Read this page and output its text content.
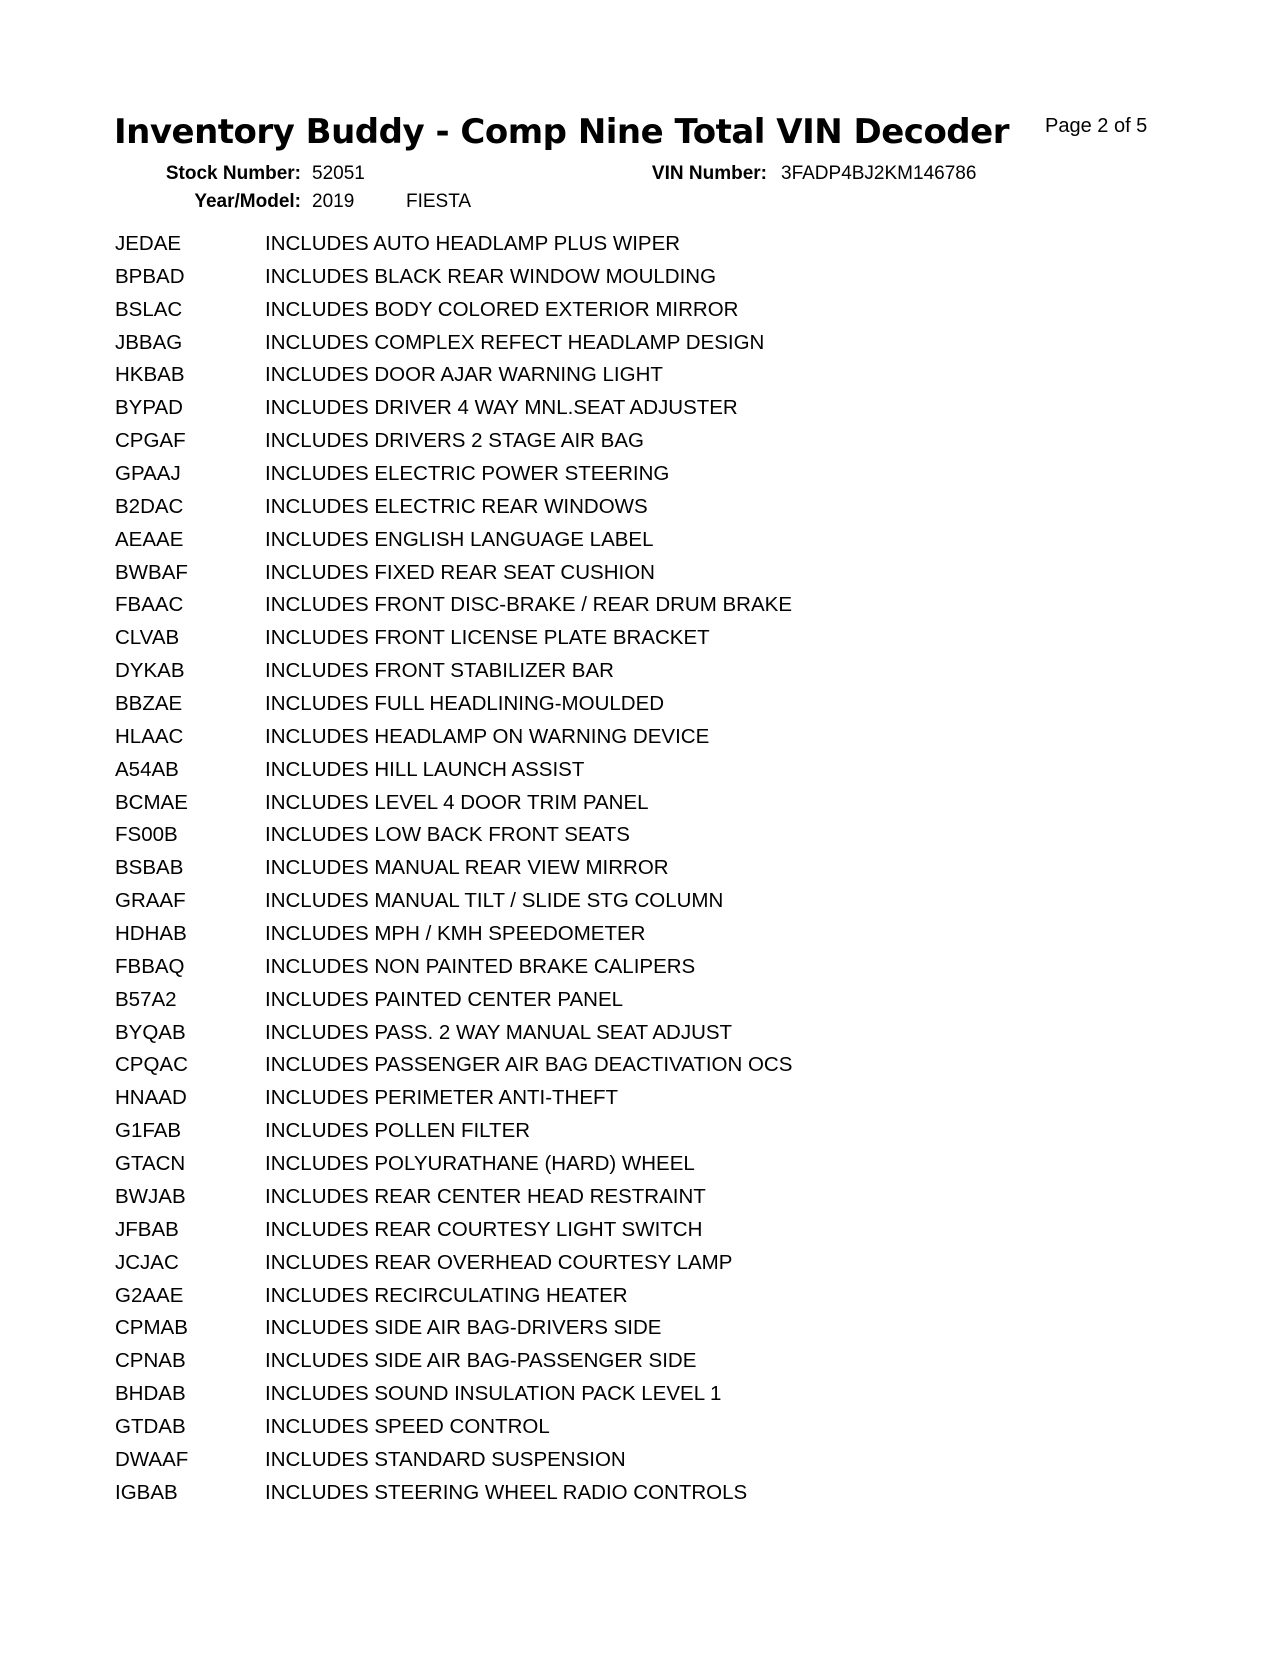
Inventory Buddy - Comp Nine Total VIN Decoder Page 2 of 5
Stock Number: 52051	VIN Number: 3FADP4BJ2KM146786
Year/Model: 2019	FIESTA
JEDAE	INCLUDES AUTO HEADLAMP PLUS WIPER
BPBAD	INCLUDES BLACK REAR WINDOW MOULDING
BSLAC	INCLUDES BODY COLORED EXTERIOR MIRROR
JBBAG	INCLUDES COMPLEX REFECT HEADLAMP DESIGN
HKBAB	INCLUDES DOOR AJAR WARNING LIGHT
BYPAD	INCLUDES DRIVER 4 WAY MNL.SEAT ADJUSTER
CPGAF	INCLUDES DRIVERS 2 STAGE AIR BAG
GPAAJ	INCLUDES ELECTRIC POWER STEERING
B2DAC	INCLUDES ELECTRIC REAR WINDOWS
AEAAE	INCLUDES ENGLISH LANGUAGE LABEL
BWBAF	INCLUDES FIXED REAR SEAT CUSHION
FBAAC	INCLUDES FRONT DISC-BRAKE / REAR DRUM BRAKE
CLVAB	INCLUDES FRONT LICENSE PLATE BRACKET
DYKAB	INCLUDES FRONT STABILIZER BAR
BBZAE	INCLUDES FULL HEADLINING-MOULDED
HLAAC	INCLUDES HEADLAMP ON WARNING DEVICE
A54AB	INCLUDES HILL LAUNCH ASSIST
BCMAE	INCLUDES LEVEL 4 DOOR TRIM PANEL
FS00B	INCLUDES LOW BACK FRONT SEATS
BSBAB	INCLUDES MANUAL REAR VIEW MIRROR
GRAAF	INCLUDES MANUAL TILT / SLIDE STG COLUMN
HDHAB	INCLUDES MPH / KMH SPEEDOMETER
FBBAQ	INCLUDES NON PAINTED BRAKE CALIPERS
B57A2	INCLUDES PAINTED CENTER PANEL
BYQAB	INCLUDES PASS. 2 WAY MANUAL SEAT ADJUST
CPQAC	INCLUDES PASSENGER AIR BAG DEACTIVATION OCS
HNAAD	INCLUDES PERIMETER ANTI-THEFT
G1FAB	INCLUDES POLLEN FILTER
GTACN	INCLUDES POLYURATHANE (HARD) WHEEL
BWJAB	INCLUDES REAR CENTER HEAD RESTRAINT
JFBAB	INCLUDES REAR COURTESY LIGHT SWITCH
JCJAC	INCLUDES REAR OVERHEAD COURTESY LAMP
G2AAE	INCLUDES RECIRCULATING HEATER
CPMAB	INCLUDES SIDE AIR BAG-DRIVERS SIDE
CPNAB	INCLUDES SIDE AIR BAG-PASSENGER SIDE
BHDAB	INCLUDES SOUND INSULATION PACK LEVEL 1
GTDAB	INCLUDES SPEED CONTROL
DWAAF	INCLUDES STANDARD SUSPENSION
IGBAB	INCLUDES STEERING WHEEL RADIO CONTROLS
